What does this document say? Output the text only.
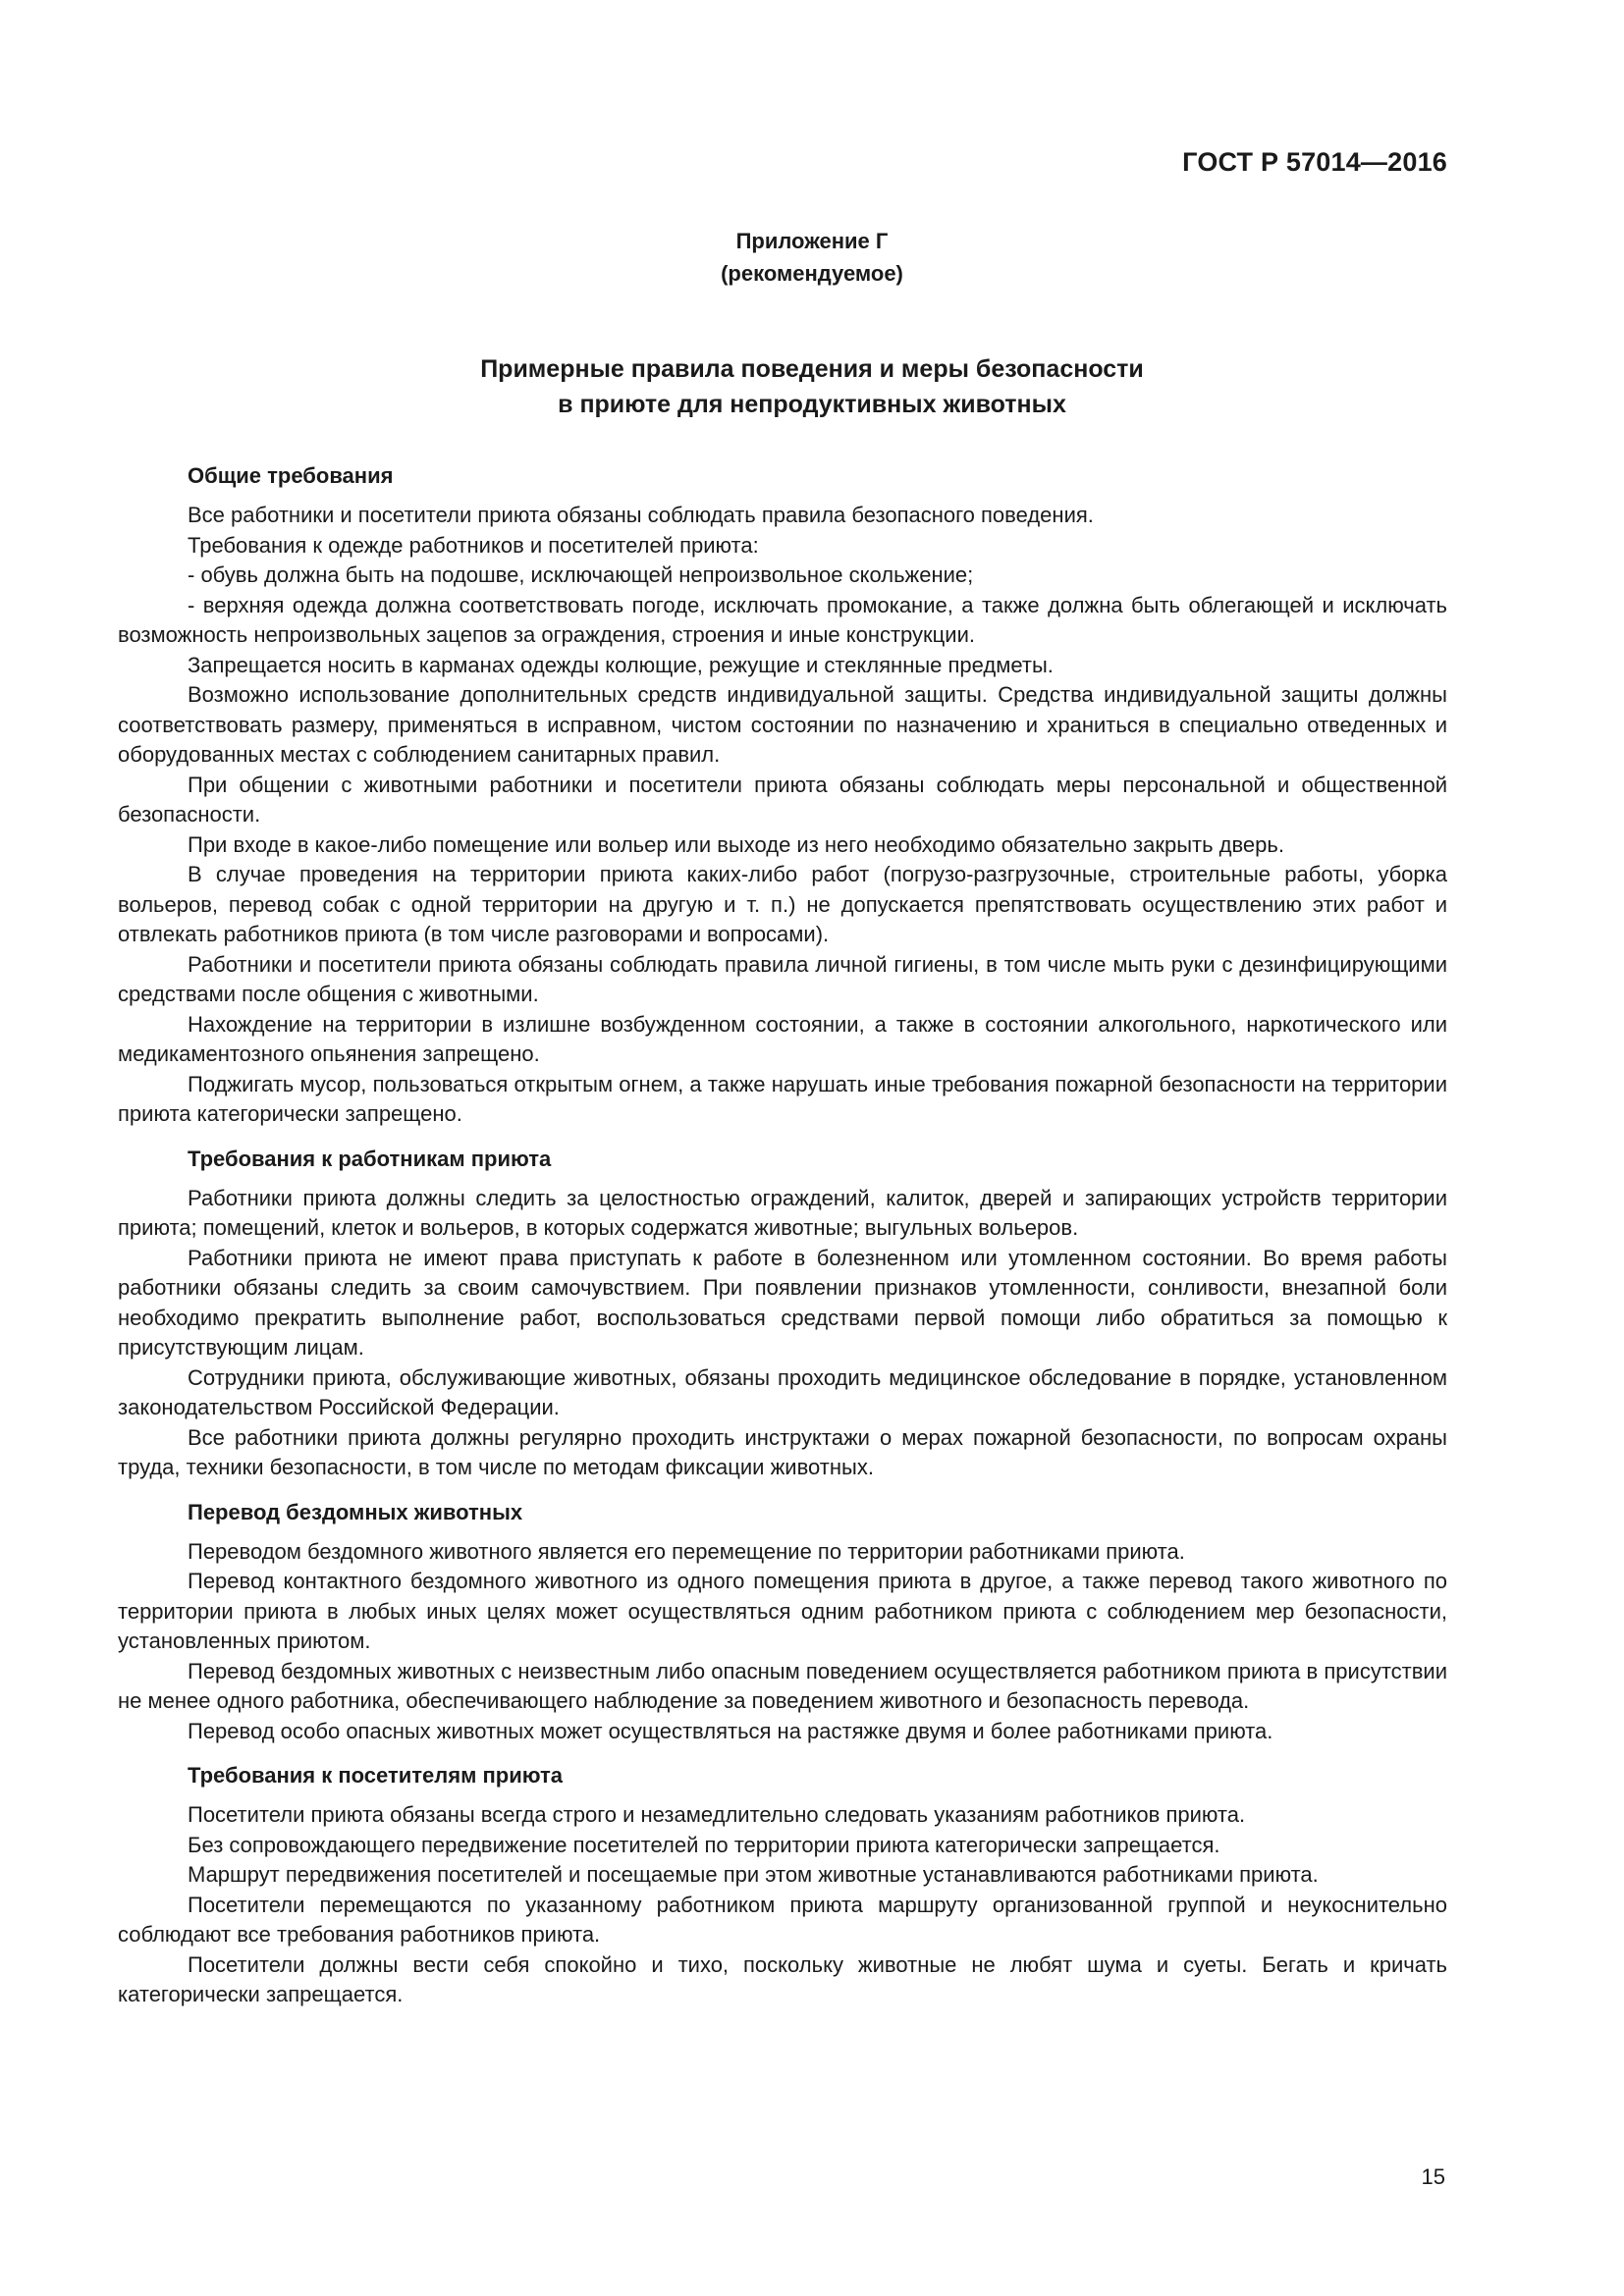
ГОСТ Р 57014—2016
Приложение Г
(рекомендуемое)
Примерные правила поведения и меры безопасности
в приюте для непродуктивных животных
Общие требования

Все работники и посетители приюта обязаны соблюдать правила безопасного поведения.

Требования к одежде работников и посетителей приюта:

- обувь должна быть на подошве, исключающей непроизвольное скольжение;

- верхняя одежда должна соответствовать погоде, исключать промокание, а также должна быть облегающей и исключать возможность непроизвольных зацепов за ограждения, строения и иные конструкции.

Запрещается носить в карманах одежды колющие, режущие и стеклянные предметы.

Возможно использование дополнительных средств индивидуальной защиты. Средства индивидуальной защиты должны соответствовать размеру, применяться в исправном, чистом состоянии по назначению и храниться в специально отведенных и оборудованных местах с соблюдением санитарных правил.

При общении с животными работники и посетители приюта обязаны соблюдать меры персональной и общественной безопасности.

При входе в какое-либо помещение или вольер или выходе из него необходимо обязательно закрыть дверь.

В случае проведения на территории приюта каких-либо работ (погрузо-разгрузочные, строительные работы, уборка вольеров, перевод собак с одной территории на другую и т. п.) не допускается препятствовать осуществлению этих работ и отвлекать работников приюта (в том числе разговорами и вопросами).

Работники и посетители приюта обязаны соблюдать правила личной гигиены, в том числе мыть руки с дезинфицирующими средствами после общения с животными.

Нахождение на территории в излишне возбужденном состоянии, а также в состоянии алкогольного, наркотического или медикаментозного опьянения запрещено.

Поджигать мусор, пользоваться открытым огнем, а также нарушать иные требования пожарной безопасности на территории приюта категорически запрещено.

Требования к работникам приюта

Работники приюта должны следить за целостностью ограждений, калиток, дверей и запирающих устройств территории приюта; помещений, клеток и вольеров, в которых содержатся животные; выгульных вольеров.

Работники приюта не имеют права приступать к работе в болезненном или утомленном состоянии. Во время работы работники обязаны следить за своим самочувствием. При появлении признаков утомленности, сонливости, внезапной боли необходимо прекратить выполнение работ, воспользоваться средствами первой помощи либо обратиться за помощью к присутствующим лицам.

Сотрудники приюта, обслуживающие животных, обязаны проходить медицинское обследование в порядке, установленном законодательством Российской Федерации.

Все работники приюта должны регулярно проходить инструктажи о мерах пожарной безопасности, по вопросам охраны труда, техники безопасности, в том числе по методам фиксации животных.

Перевод бездомных животных

Переводом бездомного животного является его перемещение по территории работниками приюта.

Перевод контактного бездомного животного из одного помещения приюта в другое, а также перевод такого животного по территории приюта в любых иных целях может осуществляться одним работником приюта с соблюдением мер безопасности, установленных приютом.

Перевод бездомных животных с неизвестным либо опасным поведением осуществляется работником приюта в присутствии не менее одного работника, обеспечивающего наблюдение за поведением животного и безопасность перевода.

Перевод особо опасных животных может осуществляться на растяжке двумя и более работниками приюта.

Требования к посетителям приюта

Посетители приюта обязаны всегда строго и незамедлительно следовать указаниям работников приюта.

Без сопровождающего передвижение посетителей по территории приюта категорически запрещается.

Маршрут передвижения посетителей и посещаемые при этом животные устанавливаются работниками приюта.

Посетители перемещаются по указанному работником приюта маршруту организованной группой и неукоснительно соблюдают все требования работников приюта.

Посетители должны вести себя спокойно и тихо, поскольку животные не любят шума и суеты. Бегать и кричать категорически запрещается.

15
